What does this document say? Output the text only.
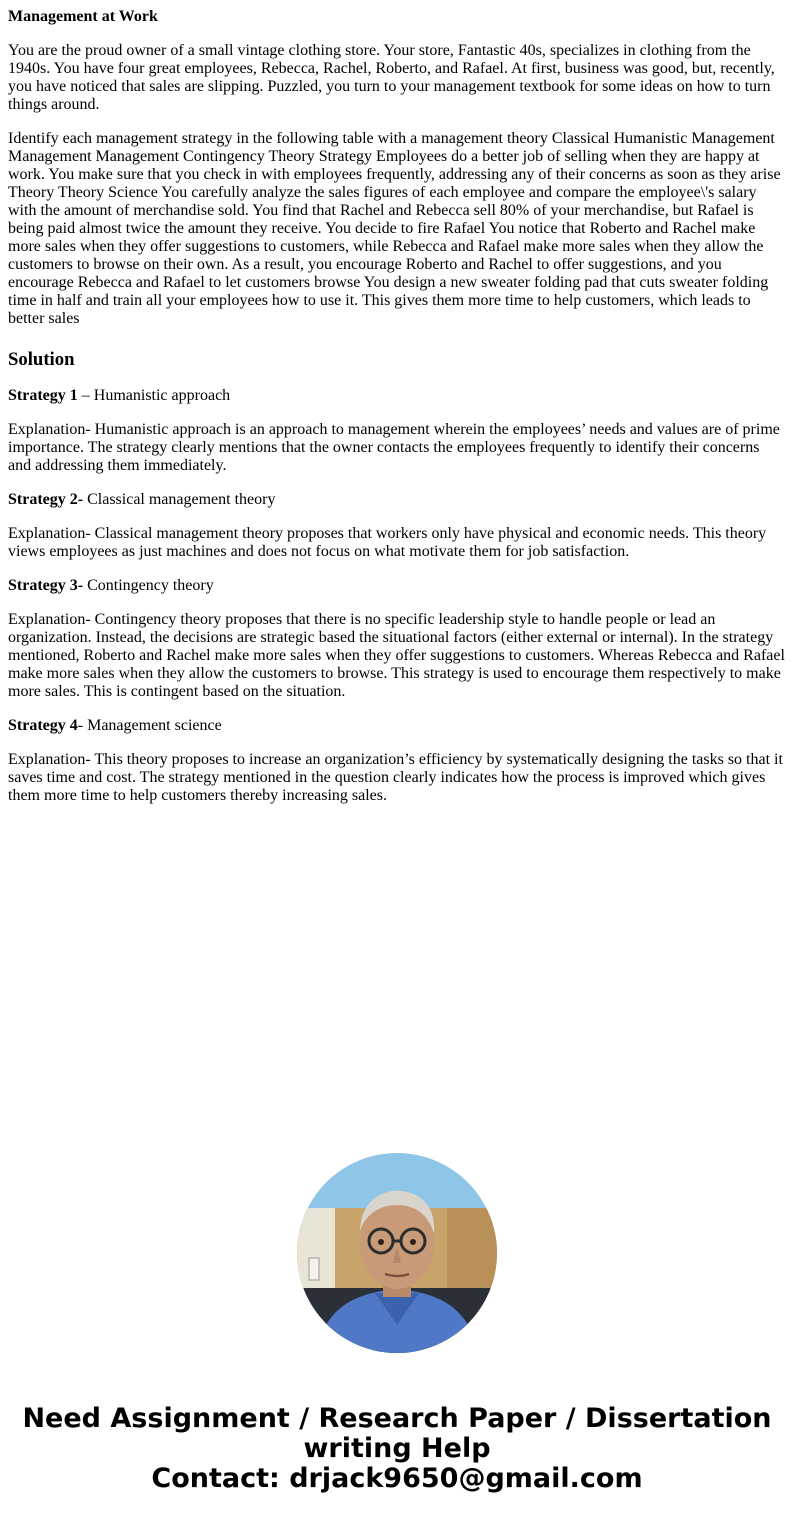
Management at Work

You are the proud owner of a small vintage clothing store. Your store, Fantastic 40s, specializes in clothing from the 1940s. You have four great employees, Rebecca, Rachel, Roberto, and Rafael. At first, business was good, but, recently, you have noticed that sales are slipping. Puzzled, you turn to your management textbook for some ideas on how to turn things around.

Identify each management strategy in the following table with a management theory Classical Humanistic Management Management Management Contingency Theory Strategy Employees do a better job of selling when they are happy at work. You make sure that you check in with employees frequently, addressing any of their concerns as soon as they arise Theory Theory Science You carefully analyze the sales figures of each employee and compare the employee\'s salary with the amount of merchandise sold. You find that Rachel and Rebecca sell 80% of your merchandise, but Rafael is being paid almost twice the amount they receive. You decide to fire Rafael You notice that Roberto and Rachel make more sales when they offer suggestions to customers, while Rebecca and Rafael make more sales when they allow the customers to browse on their own. As a result, you encourage Roberto and Rachel to offer suggestions, and you encourage Rebecca and Rafael to let customers browse You design a new sweater folding pad that cuts sweater folding time in half and train all your employees how to use it. This gives them more time to help customers, which leads to better sales

Solution

Strategy 1 – Humanistic approach

Explanation- Humanistic approach is an approach to management wherein the employees’ needs and values are of prime importance. The strategy clearly mentions that the owner contacts the employees frequently to identify their concerns and addressing them immediately.

Strategy 2- Classical management theory

Explanation- Classical management theory proposes that workers only have physical and economic needs. This theory views employees as just machines and does not focus on what motivate them for job satisfaction.

Strategy 3- Contingency theory

Explanation- Contingency theory proposes that there is no specific leadership style to handle people or lead an organization. Instead, the decisions are strategic based the situational factors (either external or internal). In the strategy mentioned, Roberto and Rachel make more sales when they offer suggestions to customers. Whereas Rebecca and Rafael make more sales when they allow the customers to browse. This strategy is used to encourage them respectively to make more sales. This is contingent based on the situation.

Strategy 4- Management science

Explanation- This theory proposes to increase an organization’s efficiency by systematically designing the tasks so that it saves time and cost. The strategy mentioned in the question clearly indicates how the process is improved which gives them more time to help customers thereby increasing sales.

Need Assignment / Research Paper / Dissertation
writing Help
Contact: drjack9650@gmail.com
